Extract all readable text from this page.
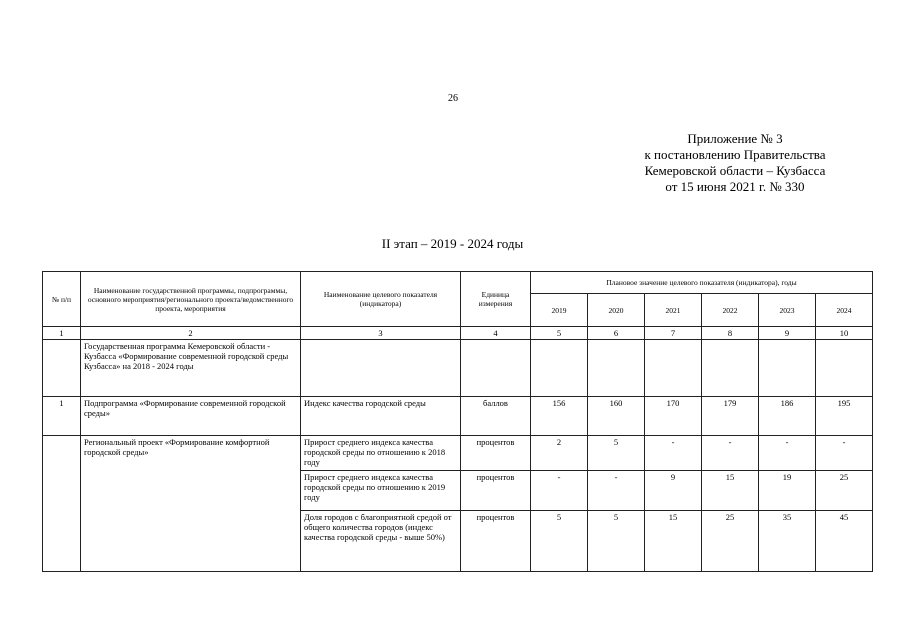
26
Приложение № 3
к постановлению Правительства
Кемеровской области – Кузбасса
от 15 июня 2021 г. № 330
II этап – 2019 - 2024 годы
№ п/п	Наименование государственной программы, подпрограммы, основного мероприятия/регионального проекта/ведомственного проекта, мероприятия	Наименование целевого показателя (индикатора)	Единица измерения	Плановое значение целевого показателя (индикатора), годы					
				2019	2020	2021	2022	2023	2024
1	2	3	4	5	6	7	8	9	10
	Государственная программа Кемеровской области - Кузбасса «Формирование современной городской среды Кузбасса» на 2018 - 2024 годы								
1	Подпрограмма «Формирование современной городской среды»	Индекс качества городской среды	баллов	156	160	170	179	186	195
	Региональный проект «Формирование комфортной городской среды»	Прирост среднего индекса качества городской среды по отношению к 2018 году	процентов	2	5	-	-	-	-
		Прирост среднего индекса качества городской среды по отношению к 2019 году	процентов	-	-	9	15	19	25
		Доля городов с благоприятной средой от общего количества городов (индекс качества городской среды - выше 50%)	процентов	5	5	15	25	35	45
